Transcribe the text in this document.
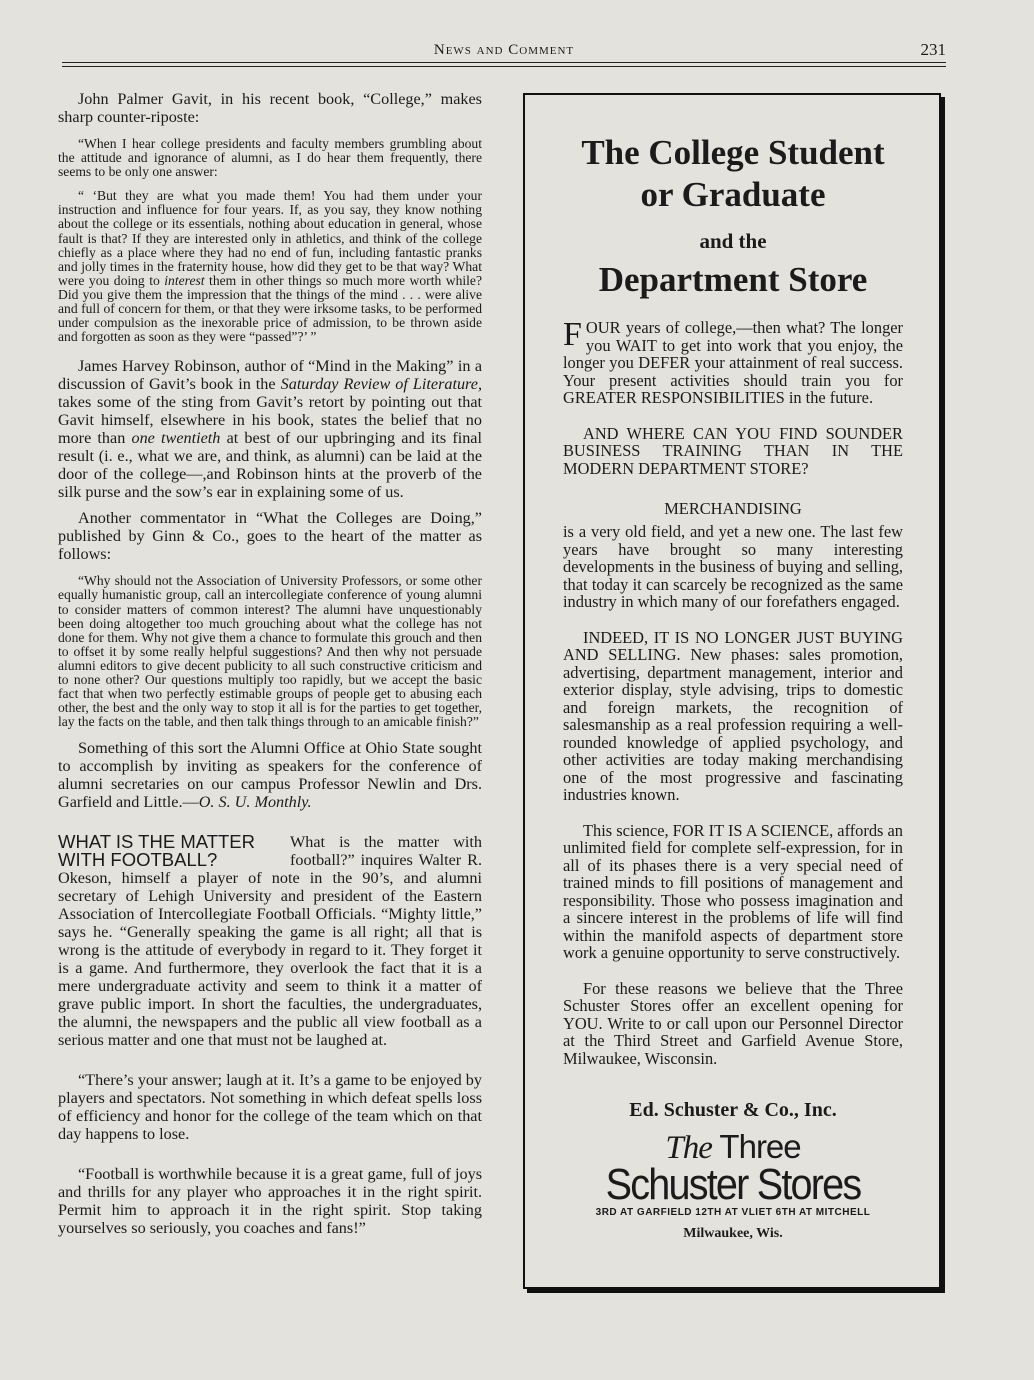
News and Comment	231

John Palmer Gavit, in his recent book, “College,” makes sharp counter-riposte:

“When I hear college presidents and faculty members grumbling about the attitude and ignorance of alumni, as I do hear them frequently, there seems to be only one answer:

“ ‘But they are what you made them! You had them under your instruction and influence for four years. If, as you say, they know nothing about the college or its essentials, nothing about education in general, whose fault is that? If they are interested only in athletics, and think of the college chiefly as a place where they had no end of fun, including fantastic pranks and jolly times in the fraternity house, how did they get to be that way? What were you doing to interest them in other things so much more worth while? Did you give them the impression that the things of the mind . . . were alive and full of concern for them, or that they were irksome tasks, to be performed under compulsion as the inexorable price of admission, to be thrown aside and forgotten as soon as they were “passed”?’ ”

James Harvey Robinson, author of “Mind in the Making” in a discussion of Gavit’s book in the Saturday Review of Literature, takes some of the sting from Gavit’s retort by pointing out that Gavit himself, elsewhere in his book, states the belief that no more than one twentieth at best of our upbringing and its final result (i. e., what we are, and think, as alumni) can be laid at the door of the college—,and Robinson hints at the proverb of the silk purse and the sow’s ear in explaining some of us.

Another commentator in “What the Colleges are Doing,” published by Ginn & Co., goes to the heart of the matter as follows:

“Why should not the Association of University Professors, or some other equally humanistic group, call an intercollegiate conference of young alumni to consider matters of common interest? The alumni have unquestionably been doing altogether too much grouching about what the college has not done for them. Why not give them a chance to formulate this grouch and then to offset it by some really helpful suggestions? And then why not persuade alumni editors to give decent publicity to all such constructive criticism and to none other? Our questions multiply too rapidly, but we accept the basic fact that when two perfectly estimable groups of people get to abusing each other, the best and the only way to stop it all is for the parties to get together, lay the facts on the table, and then talk things through to an amicable finish?”

Something of this sort the Alumni Office at Ohio State sought to accomplish by inviting as speakers for the conference of alumni secretaries on our campus Professor Newlin and Drs. Garfield and Little.—O. S. U. Monthly.

WHAT IS THE MATTER WITH FOOTBALL?

What is the matter with football?” inquires Walter R. Okeson, himself a player of note in the 90’s, and alumni secretary of Lehigh University and president of the Eastern Association of Intercollegiate Football Officials. “Mighty little,” says he. “Generally speaking the game is all right; all that is wrong is the attitude of everybody in regard to it. They forget it is a game. And furthermore, they overlook the fact that it is a mere undergraduate activity and seem to think it a matter of grave public import. In short the faculties, the undergraduates, the alumni, the newspapers and the public all view football as a serious matter and one that must not be laughed at.

“There’s your answer; laugh at it. It’s a game to be enjoyed by players and spectators. Not something in which defeat spells loss of efficiency and honor for the college of the team which on that day happens to lose.

“Football is worthwhile because it is a great game, full of joys and thrills for any player who approaches it in the right spirit. Permit him to approach it in the right spirit. Stop taking yourselves so seriously, you coaches and fans!”

The College Student
or Graduate
and the
Department Store

FOUR years of college,—then what? The longer you WAIT to get into work that you enjoy, the longer you DEFER your attainment of real success. Your present activities should train you for GREATER RESPONSIBILITIES in the future.

AND WHERE CAN YOU FIND SOUNDER BUSINESS TRAINING THAN IN THE MODERN DEPARTMENT STORE?

MERCHANDISING

is a very old field, and yet a new one. The last few years have brought so many interesting developments in the business of buying and selling, that today it can scarcely be recognized as the same industry in which many of our forefathers engaged.

INDEED, IT IS NO LONGER JUST BUYING AND SELLING. New phases: sales promotion, advertising, department management, interior and exterior display, style advising, trips to domestic and foreign markets, the recognition of salesmanship as a real profession requiring a well-rounded knowledge of applied psychology, and other activities are today making merchandising one of the most progressive and fascinating industries known.

This science, FOR IT IS A SCIENCE, affords an unlimited field for complete self-expression, for in all of its phases there is a very special need of trained minds to fill positions of management and responsibility. Those who possess imagination and a sincere interest in the problems of life will find within the manifold aspects of department store work a genuine opportunity to serve constructively.

For these reasons we believe that the Three Schuster Stores offer an excellent opening for YOU. Write to or call upon our Personnel Director at the Third Street and Garfield Avenue Store, Milwaukee, Wisconsin.

Ed. Schuster & Co., Inc.
The Three
Schuster Stores
3RD AT GARFIELD 12TH AT VLIET 6TH AT MITCHELL
Milwaukee, Wis.
